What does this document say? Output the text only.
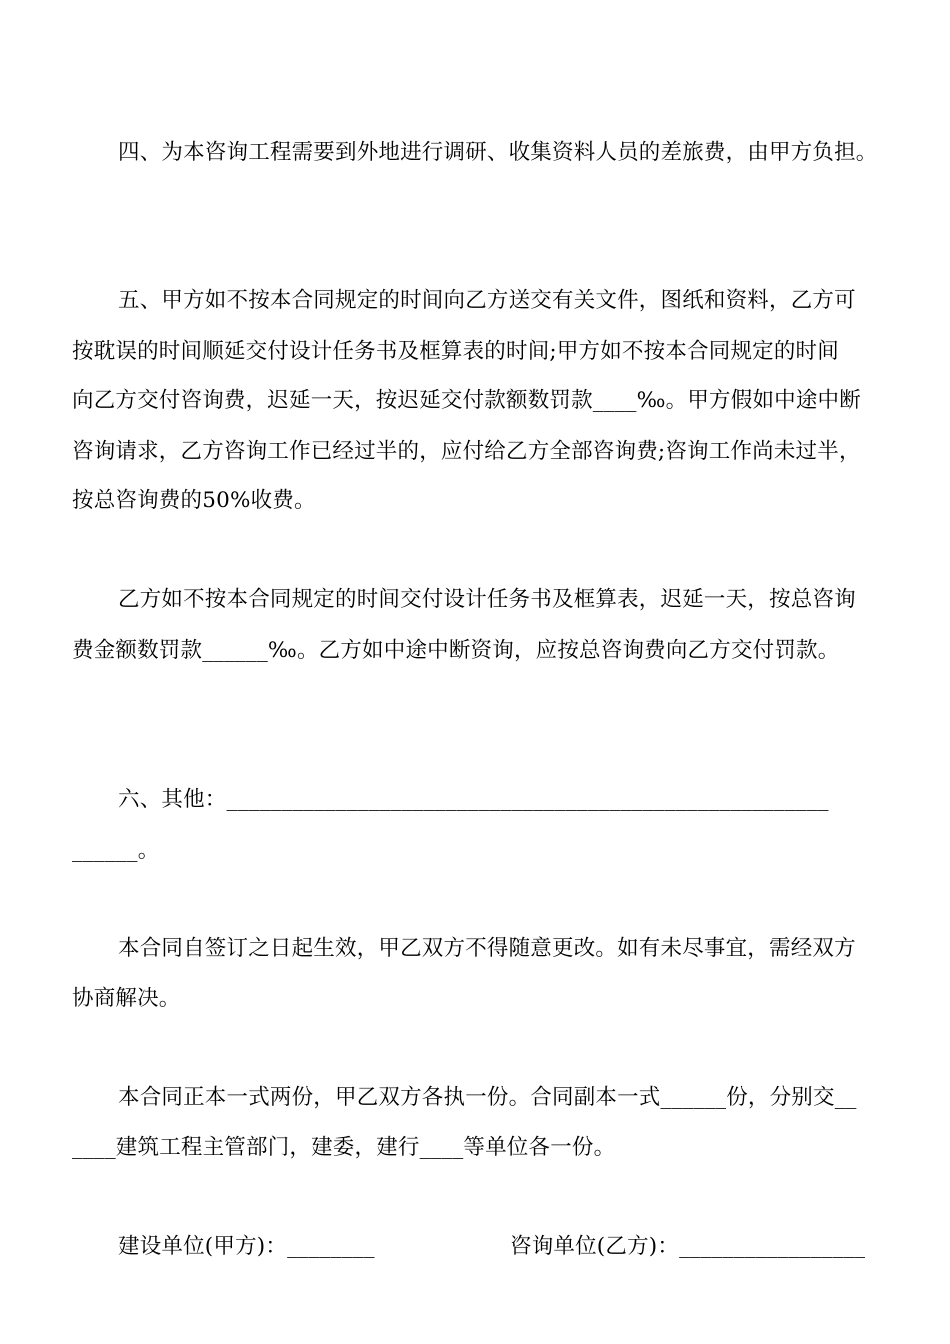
四、为本咨询工程需要到外地进行调研、收集资料人员的差旅费，由甲方负担。
五、甲方如不按本合同规定的时间向乙方送交有关文件，图纸和资料，乙方可
按耽误的时间顺延交付设计任务书及框算表的时间;甲方如不按本合同规定的时间
向乙方交付咨询费，迟延一天，按迟延交付款额数罚款____‰。甲方假如中途中断
咨询请求，乙方咨询工作已经过半的，应付给乙方全部咨询费;咨询工作尚未过半，
按总咨询费的50%收费。
乙方如不按本合同规定的时间交付设计任务书及框算表，迟延一天，按总咨询
费金额数罚款______‰。乙方如中途中断资询，应按总咨询费向乙方交付罚款。
六、其他：_______________________________________________________
______。
本合同自签订之日起生效，甲乙双方不得随意更改。如有未尽事宜，需经双方
协商解决。
本合同正本一式两份，甲乙双方各执一份。合同副本一式______份，分别交__
____建筑工程主管部门，建委，建行____等单位各一份。
建设单位(甲方)：________	咨询单位(乙方)：_________________
